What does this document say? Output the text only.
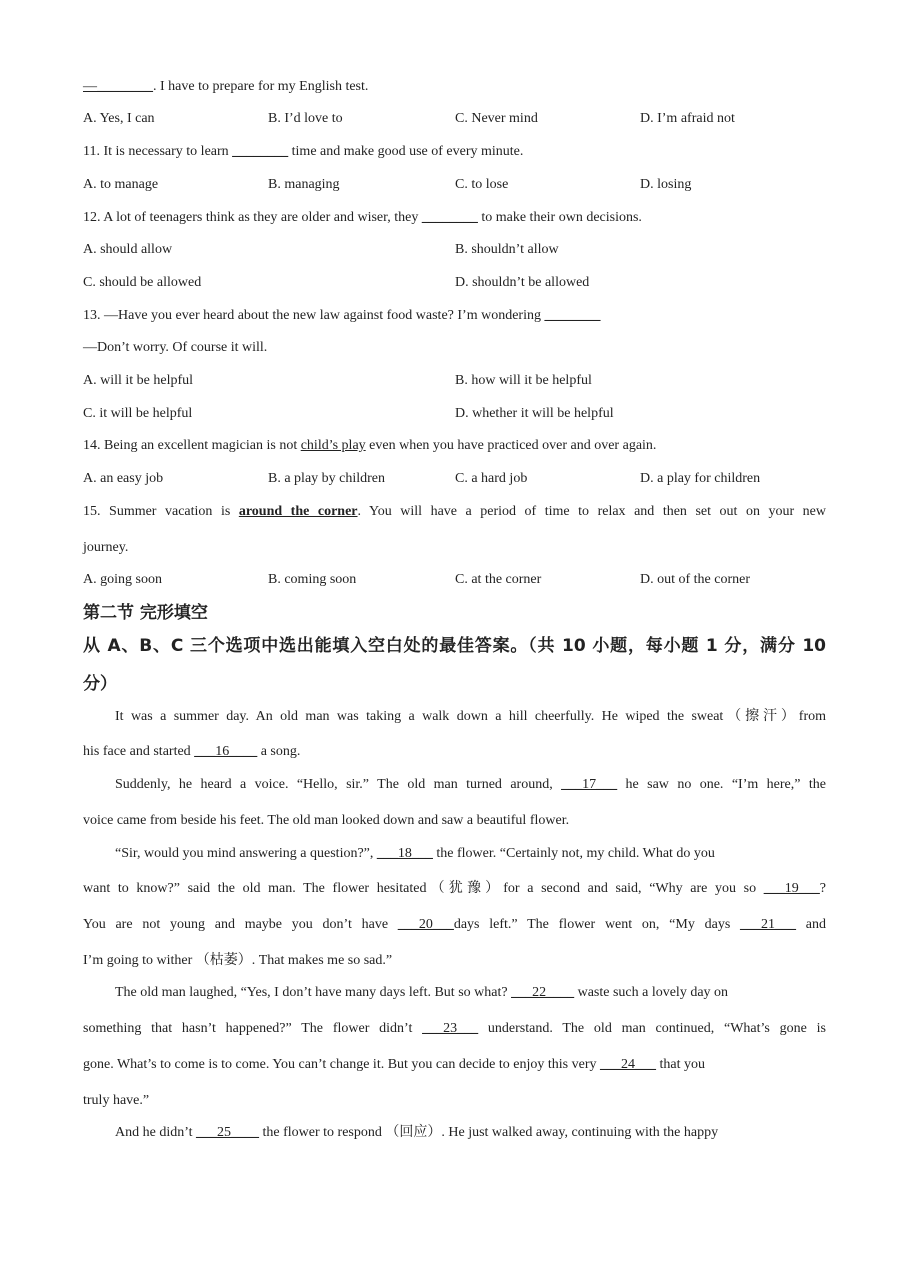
—________. I have to prepare for my English test.
A. Yes, I can	B. I’d love to	C. Never mind	D. I’m afraid not
11. It is necessary to learn ________ time and make good use of every minute.
A. to manage	B. managing	C. to lose	D. losing
12. A lot of teenagers think as they are older and wiser, they ________ to make their own decisions.
A. should allow	B. shouldn’t allow
C. should be allowed	D. shouldn’t be allowed
13. —Have you ever heard about the new law against food waste? I’m wondering ________
—Don’t worry. Of course it will.
A. will it be helpful	B. how will it be helpful
C. it will be helpful	D. whether it will be helpful
14. Being an excellent magician is not child’s play even when you have practiced over and over again.
A. an easy job	B. a play by children	C. a hard job	D. a play for children
15. Summer vacation is around the corner. You will have a period of time to relax and then set out on your new
journey.
A. going soon	B. coming soon	C. at the corner	D. out of the corner
第二节 完形填空
从 A、B、C 三个选项中选出能填入空白处的最佳答案。（共 10 小题，每小题 1 分，满分 10
分）
It was a summer day. An old man was taking a walk down a hill cheerfully. He wiped the sweat（擦汗）from
his face and started ___16____ a song.
Suddenly, he heard a voice. “Hello, sir.” The old man turned around, ___17___ he saw no one. “I’m here,” the
voice came from beside his feet. The old man looked down and saw a beautiful flower.
“Sir, would you mind answering a question?”, ___18___ the flower. “Certainly not, my child. What do you
want to know?” said the old man. The flower hesitated（犹豫）for a second and said, “Why are you so ___19___?
You are not young and maybe you don’t have ___20___days left.” The flower went on, “My days ___21___ and
I’m going to wither （枯萎）. That makes me so sad.”
The old man laughed, “Yes, I don’t have many days left. But so what? ___22____ waste such a lovely day on
something that hasn’t happened?” The flower didn’t ___23___ understand. The old man continued, “What’s gone is
gone. What’s to come is to come. You can’t change it. But you can decide to enjoy this very ___24___ that you
truly have.”
And he didn’t ___25____ the flower to respond （回应）. He just walked away, continuing with the happy
